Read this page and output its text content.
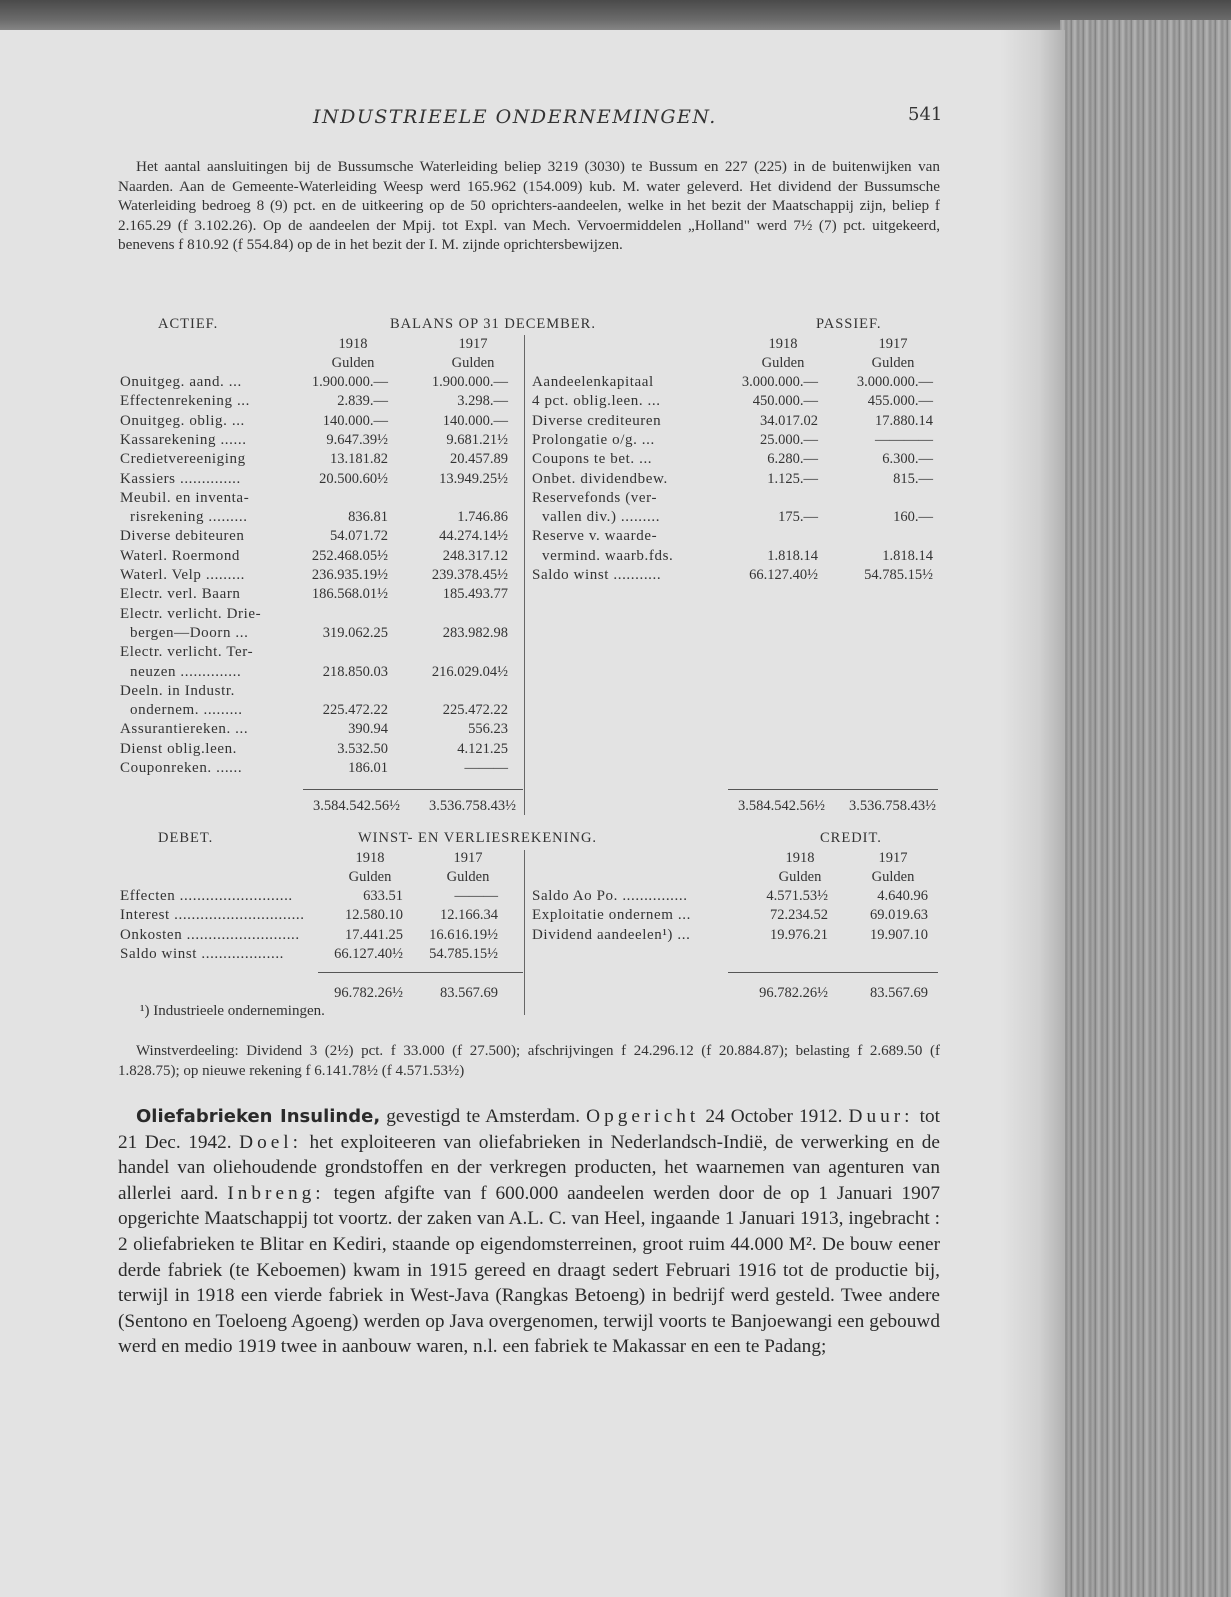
INDUSTRIEELE ONDERNEMINGEN.	541
Het aantal aansluitingen bij de Bussumsche Waterleiding beliep 3219 (3030) te Bussum en 227 (225) in de buitenwijken van Naarden. Aan de Gemeente-Waterleiding Weesp werd 165.962 (154.009) kub. M. water geleverd. Het dividend der Bussumsche Waterleiding bedroeg 8 (9) pct. en de uitkeering op de 50 oprichters-aandeelen, welke in het bezit der Maatschappij zijn, beliep f 2.165.29 (f 3.102.26). Op de aandeelen der Mpij. tot Expl. van Mech. Vervoermiddelen „Holland" werd 7½ (7) pct. uitgekeerd, benevens f 810.92 (f 554.84) op de in het bezit der I. M. zijnde oprichtersbewijzen.
ACTIEF.	BALANS OP 31 DECEMBER.	PASSIEF.
1918	1917
Gulden	Gulden
1918	1917
Gulden	Gulden
Onuitgeg. aand. ...	1.900.000.—	1.900.000.—
Effectenrekening ...	2.839.—	3.298.—
Onuitgeg. oblig. ...	140.000.—	140.000.—
Kassarekening ......	9.647.39½	9.681.21½
Credietvereeniging	13.181.82	20.457.89
Kassiers ..............	20.500.60½	13.949.25½
Meubil. en inventa-
risrekening .........	836.81	1.746.86
Diverse debiteuren	54.071.72	44.274.14½
Waterl. Roermond	252.468.05½	248.317.12
Waterl. Velp .........	236.935.19½	239.378.45½
Electr. verl. Baarn	186.568.01½	185.493.77
Electr. verlicht. Drie-
bergen—Doorn ...	319.062.25	283.982.98
Electr. verlicht. Ter-
neuzen ..............	218.850.03	216.029.04½
Deeln. in Industr.
ondernem. .........	225.472.22	225.472.22
Assurantiereken. ...	390.94	556.23
Dienst oblig.leen.	3.532.50	4.121.25
Couponreken. ......	186.01	———
Aandeelenkapitaal	3.000.000.—	3.000.000.—
4 pct. oblig.leen. ...	450.000.—	455.000.—
Diverse crediteuren	34.017.02	17.880.14
Prolongatie o/g. ...	25.000.—	————
Coupons te bet. ...	6.280.—	6.300.—
Onbet. dividendbew.	1.125.—	815.—
Reservefonds (ver-
vallen div.) .........	175.—	160.—
Reserve v. waarde-
vermind. waarb.fds.	1.818.14	1.818.14
Saldo winst ...........	66.127.40½	54.785.15½
3.584.542.56½	3.536.758.43½	3.584.542.56½	3.536.758.43½
DEBET.	WINST- EN VERLIESREKENING.	CREDIT.
1918	1917
Gulden	Gulden
1918	1917
Gulden	Gulden
Effecten ..........................	633.51	———
Interest ..............................	12.580.10	12.166.34
Onkosten ..........................	17.441.25	16.616.19½
Saldo winst ...................	66.127.40½	54.785.15½
Saldo Ao Po. ...............	4.571.53½	4.640.96
Exploitatie ondernem ...	72.234.52	69.019.63
Dividend aandeelen¹) ...	19.976.21	19.907.10
96.782.26½	83.567.69	96.782.26½	83.567.69
¹) Industrieele ondernemingen.
Winstverdeeling: Dividend 3 (2½) pct. f 33.000 (f 27.500); afschrijvingen f 24.296.12 (f 20.884.87); belasting f 2.689.50 (f 1.828.75); op nieuwe rekening f 6.141.78½ (f 4.571.53½)
Oliefabrieken Insulinde, gevestigd te Amsterdam. Opgericht 24 October 1912. Duur: tot 21 Dec. 1942. Doel: het exploiteeren van oliefabrieken in Nederlandsch-Indië, de verwerking en de handel van oliehoudende grondstoffen en der verkregen producten, het waarnemen van agenturen van allerlei aard. Inbreng: tegen afgifte van f 600.000 aandeelen werden door de op 1 Januari 1907 opgerichte Maatschappij tot voortz. der zaken van A.L. C. van Heel, ingaande 1 Januari 1913, ingebracht : 2 oliefabrieken te Blitar en Kediri, staande op eigendomsterreinen, groot ruim 44.000 M². De bouw eener derde fabriek (te Keboemen) kwam in 1915 gereed en draagt sedert Februari 1916 tot de productie bij, terwijl in 1918 een vierde fabriek in West-Java (Rangkas Betoeng) in bedrijf werd gesteld. Twee andere (Sentono en Toeloeng Agoeng) werden op Java overgenomen, terwijl voorts te Banjoewangi een gebouwd werd en medio 1919 twee in aanbouw waren, n.l. een fabriek te Makassar en een te Padang;
